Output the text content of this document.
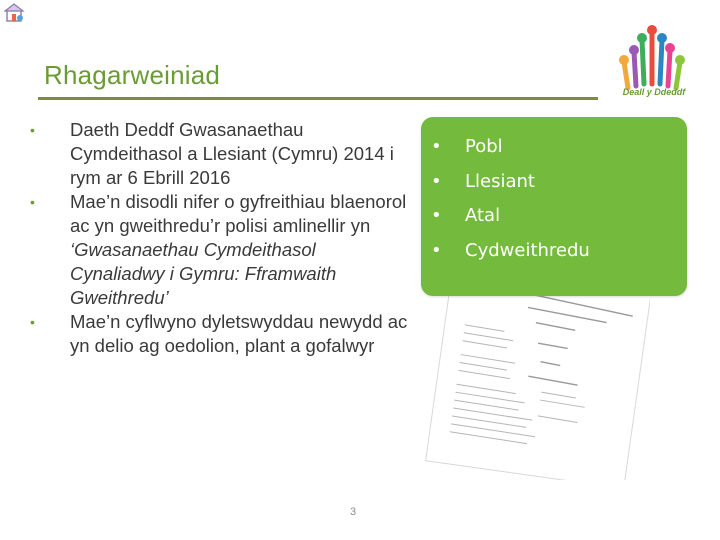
Rhagarweiniad
Deall y Ddeddf
•	Daeth Deddf Gwasanaethau Cymdeithasol a Llesiant (Cymru) 2014 i rym ar 6 Ebrill 2016
•	Mae’n disodli nifer o gyfreithiau blaenorol ac yn gweithredu’r polisi amlinellir yn ‘Gwasanaethau Cymdeithasol Cynaliadwy i Gymru: Fframwaith Gweithredu’
•	Mae’n cyflwyno dyletswyddau newydd ac yn delio ag oedolion, plant a gofalwyr
• Pobl
• Llesiant
• Atal
• Cydweithredu
3
